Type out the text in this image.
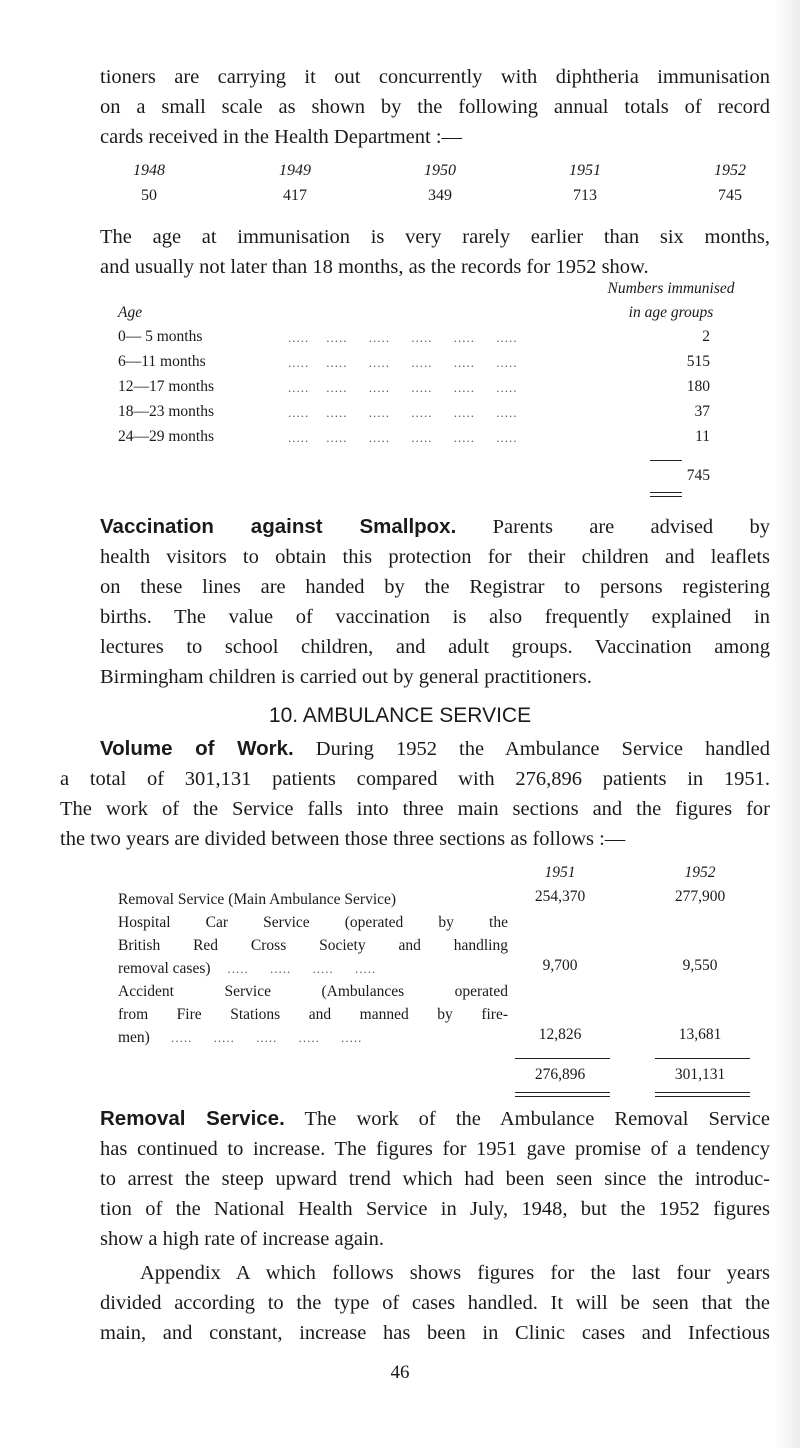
tioners are carrying it out concurrently with diphtheria immunisation
on a small scale as shown by the following annual totals of record
cards received in the Health Department :—
1948	1949	1950	1951	1952
50	417	349	713	745
The age at immunisation is very rarely earlier than six months,
and usually not later than 18 months, as the records for 1952 show.
Numbers immunised
in age groups
Age
0— 5 months	.....    .....     .....     .....     .....     .....	2
6—11 months	.....    .....     .....     .....     .....     .....	515
12—17 months	.....    .....     .....     .....     .....     .....	180
18—23 months	.....    .....     .....     .....     .....     .....	37
24—29 months	.....    .....     .....     .....     .....     .....	11
745
Vaccination against Smallpox. Parents are advised by
health visitors to obtain this protection for their children and leaflets
on these lines are handed by the Registrar to persons registering
births. The value of vaccination is also frequently explained in
lectures to school children, and adult groups. Vaccination among
Birmingham children is carried out by general practitioners.
10. AMBULANCE SERVICE
Volume of Work. During 1952 the Ambulance Service handled
a total of 301,131 patients compared with 276,896 patients in 1951.
The work of the Service falls into three main sections and the figures for
the two years are divided between those three sections as follows :—
1951	1952
Removal Service (Main Ambulance Service)	254,370	277,900
Hospital Car Service (operated by the
British Red Cross Society and handling
removal cases)    .....     .....     .....     .....	9,700	9,550
Accident Service (Ambulances operated
from Fire Stations and manned by fire-
men)     .....     .....     .....     .....     .....	12,826	13,681
276,896	301,131
Removal Service. The work of the Ambulance Removal Service
has continued to increase. The figures for 1951 gave promise of a tendency
to arrest the steep upward trend which had been seen since the introduc-
tion of the National Health Service in July, 1948, but the 1952 figures
show a high rate of increase again.
Appendix A which follows shows figures for the last four years
divided according to the type of cases handled. It will be seen that the
main, and constant, increase has been in Clinic cases and Infectious
46
